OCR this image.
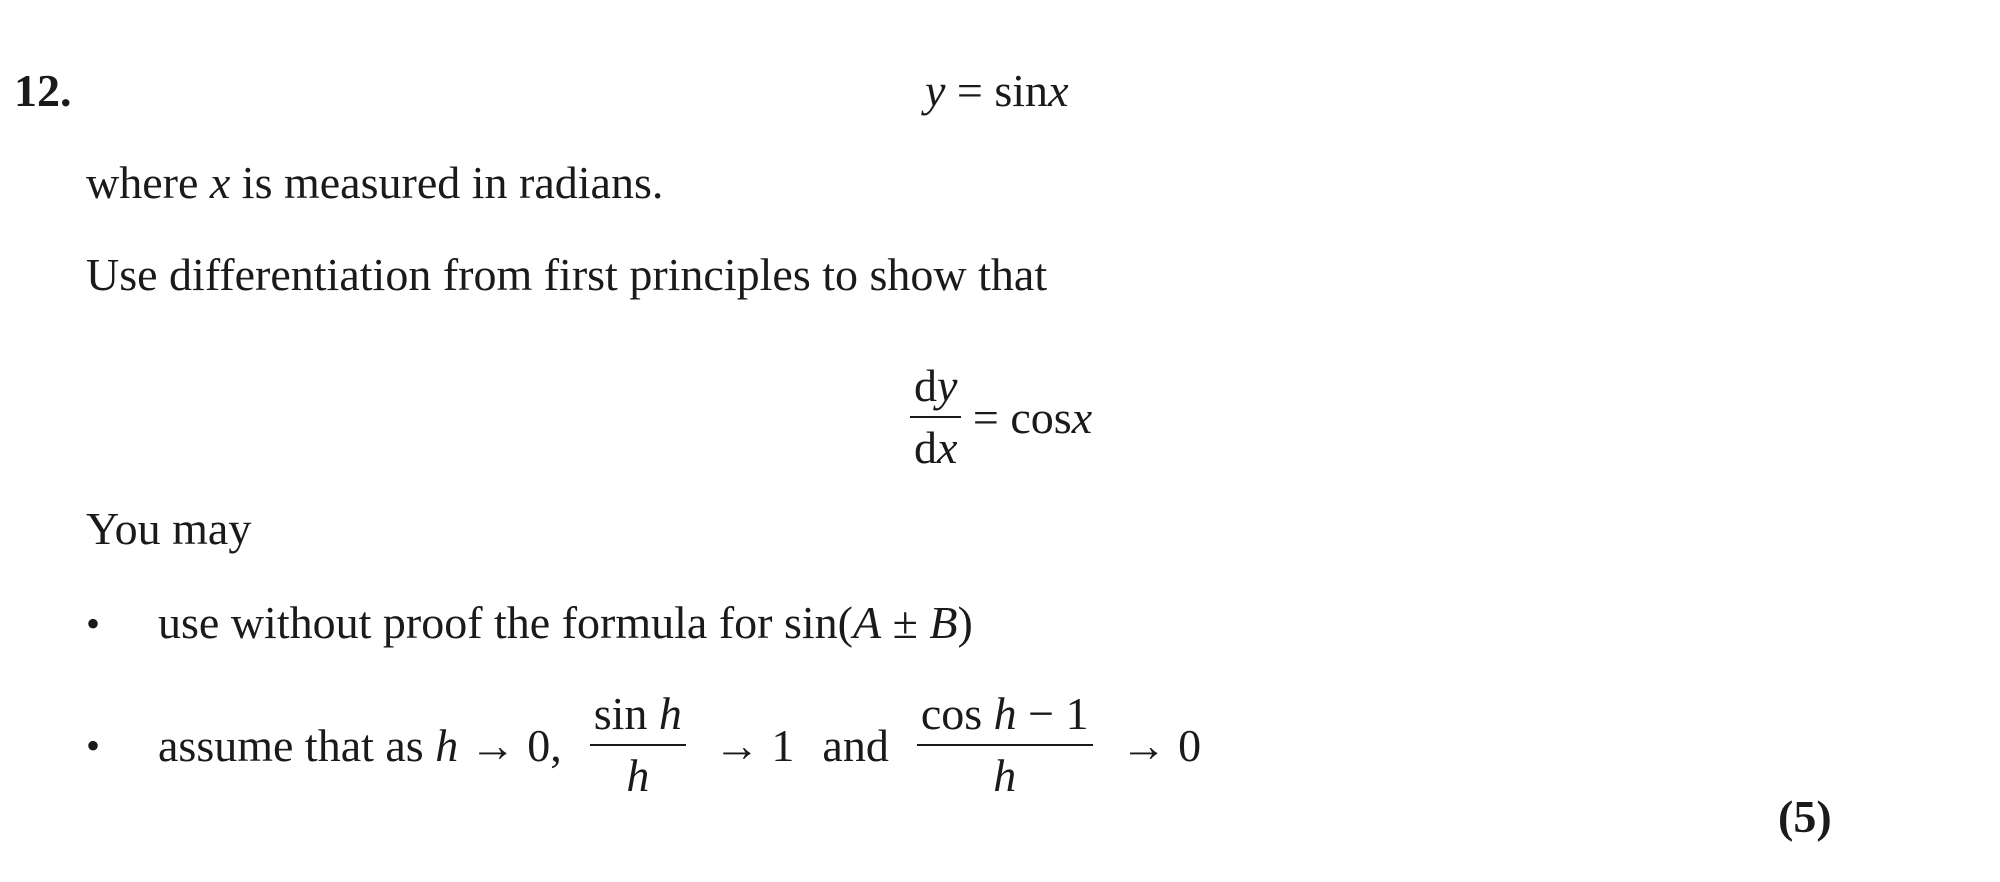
12.	y = sinx
where x is measured in radians.
Use differentiation from first principles to show that
$\frac{dy}{dx} = \cos x$
You may
• use without proof the formula for sin(A ± B)
• assume that as h → 0, $\frac{\text{sin h}}{h} \to 1$ and $\frac{\text{cos h − 1}}{h} \to 0$
(5)
